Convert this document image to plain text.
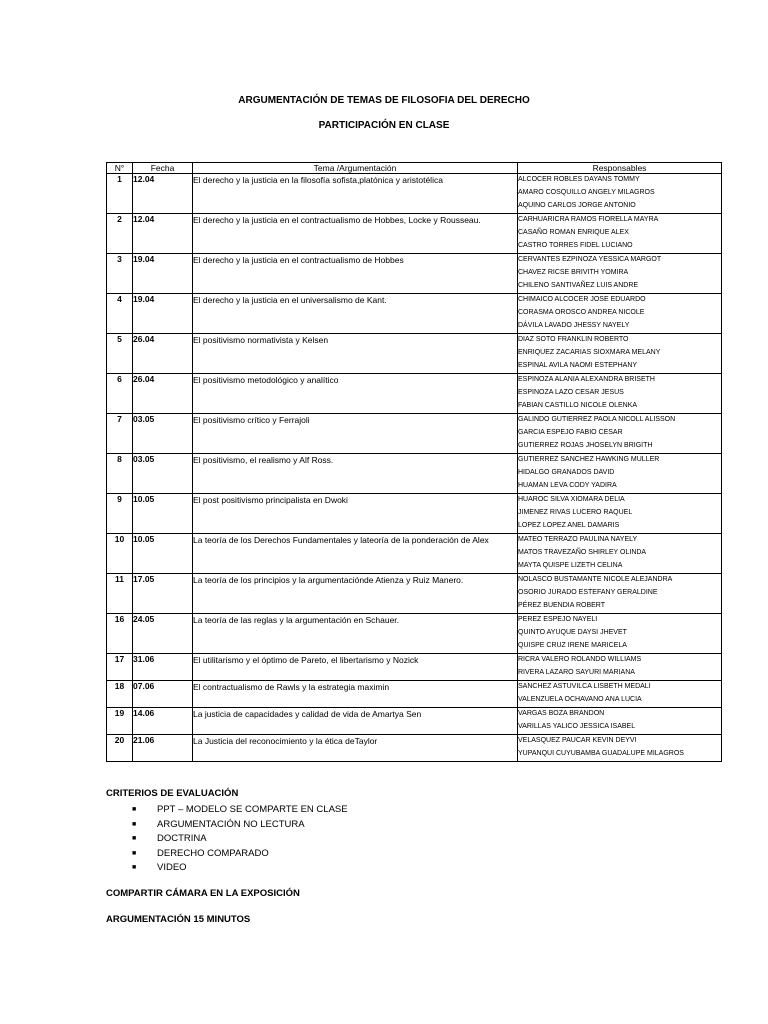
ARGUMENTACIÓN DE TEMAS DE FILOSOFIA DEL DERECHO
PARTICIPACIÓN EN CLASE
N°	Fecha	Tema /Argumentación	Responsables
1	12.04	El derecho y la justicia en la filosofía sofista,platónica y aristotélica	ALCOCER ROBLES DAYANS TOMMY
AMARO COSQUILLO ANGELY MILAGROS
AQUINO CARLOS JORGE ANTONIO

2	12.04	El derecho y la justicia en el contractualismo de Hobbes, Locke y Rousseau.	CARHUARICRA RAMOS FIORELLA MAYRA
CASAÑO ROMAN ENRIQUE ALEX
CASTRO TORRES FIDEL LUCIANO

3	19.04	El derecho y la justicia en el contractualismo de Hobbes	CERVANTES EZPINOZA YESSICA MARGOT
CHAVEZ RICSE BRIVITH YOMIRA
CHILENO SANTIVAÑEZ LUIS ANDRE

4	19.04	El derecho y la justicia en el universalismo de Kant.	CHIMAICO ALCOCER JOSE EDUARDO
CORASMA OROSCO ANDREA NICOLE
DÁVILA LAVADO JHESSY NAYELY

5	26.04	El positivismo normativista y Kelsen	DIAZ SOTO FRANKLIN ROBERTO
ENRIQUEZ ZACARIAS SIOXMARA MELANY
ESPINAL AVILA NAOMI ESTEPHANY

6	26.04	El positivismo metodológico y analítico	ESPINOZA ALANIA ALEXANDRA BRISETH
ESPINOZA LAZO CESAR JESUS
FABIAN CASTILLO NICOLE OLENKA

7	03.05	El positivismo crítico y Ferrajoli	GALINDO GUTIERREZ PAOLA NICOLL ALISSON
GARCIA ESPEJO FABIO CESAR
GUTIERREZ ROJAS JHOSELYN BRIGITH

8	03.05	El positivismo, el realismo y Alf Ross.	GUTIERREZ SANCHEZ HAWKING MULLER
HIDALGO GRANADOS DAVID
HUAMAN LEVA CODY YADIRA

9	10.05	El post positivismo principalista en Dwoki	HUAROC SILVA XIOMARA DELIA
JIMENEZ RIVAS LUCERO RAQUEL
LOPEZ LOPEZ ANEL DAMARIS

10	10.05	La teoría de los Derechos Fundamentales y lateoría de la ponderación de Alex	MATEO TERRAZO PAULINA NAYELY
MATOS TRAVEZAÑO SHIRLEY OLINDA
MAYTA QUISPE LIZETH CELINA

11	17.05	La teoría de los principios y la argumentaciónde Atienza y Ruiz Manero.	NOLASCO BUSTAMANTE NICOLE ALEJANDRA
OSORIO JURADO ESTEFANY GERALDINE
PÉREZ BUENDIA ROBERT

16	24.05	La teoría de las reglas y la argumentación en Schauer.	PEREZ ESPEJO NAYELI
QUINTO AYUQUE DAYSI JHEVET
QUISPE CRUZ IRENE MARICELA

17	31.06	El utilitarismo y el óptimo de Pareto, el libertarismo y Nozick	RICRA VALERO ROLANDO WILLIAMS
RIVERA LAZARO SAYURI MARIANA

18	07.06	El contractualismo de Rawls y la estrategia maximin	SANCHEZ ASTUVILCA LISBETH MEDALI
VALENZUELA OCHAVANO ANA LUCIA

19	14.06	La justicia de capacidades y calidad de vida de Amartya Sen	VARGAS BOZA BRANDON
VARILLAS YALICO JESSICA ISABEL

20	21.06	La Justicia del reconocimiento y la ética deTaylor	VELASQUEZ PAUCAR KEVIN DEYVI
YUPANQUI CUYUBAMBA GUADALUPE MILAGROS
CRITERIOS DE EVALUACIÓN
■	PPT – MODELO SE COMPARTE EN CLASE
■	ARGUMENTACIÓN NO LECTURA
■	DOCTRINA
■	DERECHO COMPARADO
■	VIDEO
COMPARTIR CÁMARA EN LA EXPOSICIÓN
ARGUMENTACIÓN 15 MINUTOS
